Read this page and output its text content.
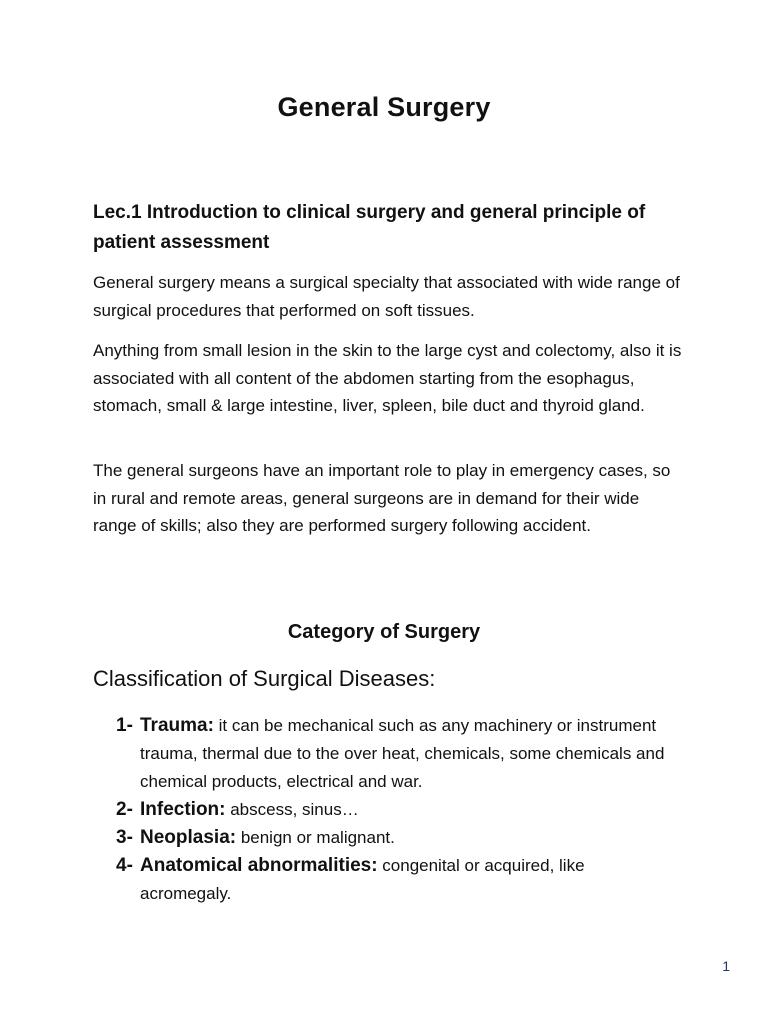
General Surgery
Lec.1 Introduction to clinical surgery and general principle of patient assessment

General surgery means a surgical specialty that associated with wide range of surgical procedures that performed on soft tissues.

Anything from small lesion in the skin to the large cyst and colectomy, also it is associated with all content of the abdomen starting from the esophagus, stomach, small & large intestine, liver, spleen, bile duct and thyroid gland.

The general surgeons have an important role to play in emergency cases, so in rural and remote areas, general surgeons are in demand for their wide range of skills; also they are performed surgery following accident.

Category of Surgery
Classification of Surgical Diseases:
1- Trauma: it can be mechanical such as any machinery or instrument trauma, thermal due to the over heat, chemicals, some chemicals and chemical products, electrical and war.
2- Infection: abscess, sinus…
3- Neoplasia: benign or malignant.
4- Anatomical abnormalities: congenital or acquired, like acromegaly.
1
